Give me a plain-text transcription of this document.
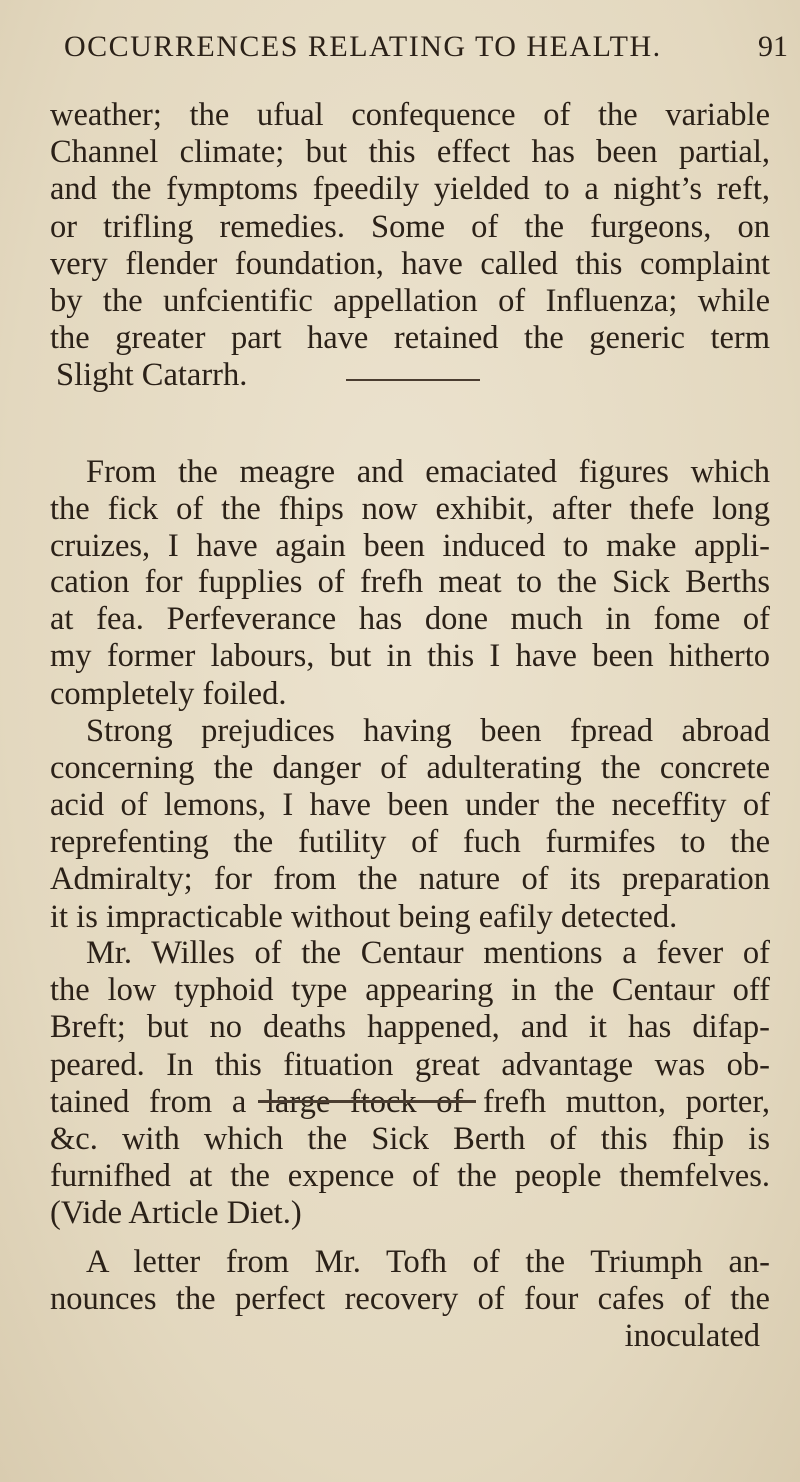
OCCURRENCES RELATING TO HEALTH.	91

weather; the ufual confequence of the variable
Channel climate; but this effect has been partial,
and the fymptoms fpeedily yielded to a night’s reft,
or trifling remedies. Some of the furgeons, on
very flender foundation, have called this complaint
by the unfcientific appellation of Influenza; while
the greater part have retained the generic term
Slight Catarrh.

From the meagre and emaciated figures which
the fick of the fhips now exhibit, after thefe long
cruizes, I have again been induced to make appli-

cation for fupplies of frefh meat to the Sick Berths
at fea. Perfeverance has done much in fome of
my former labours, but in this I have been hitherto
completely foiled.
Strong prejudices having been fpread abroad
concerning the danger of adulterating the concrete

acid of lemons, I have been under the neceffity of
reprefenting the futility of fuch furmifes to the
Admiralty; for from the nature of its preparation
it is impracticable without being eafily detected.

Mr. Willes of the Centaur mentions a fever of
the low typhoid type appearing in the Centaur off
Breft; but no deaths happened, and it has difap-
peared. In this fituation great advantage was ob-
tained from a large ftock of frefh mutton, porter,
&c. with which the Sick Berth of this fhip is
furnifhed at the expence of the people themfelves.
(Vide Article Diet.)

A letter from Mr. Tofh of the Triumph an-
nounces the perfect recovery of four cafes of the
inoculated
